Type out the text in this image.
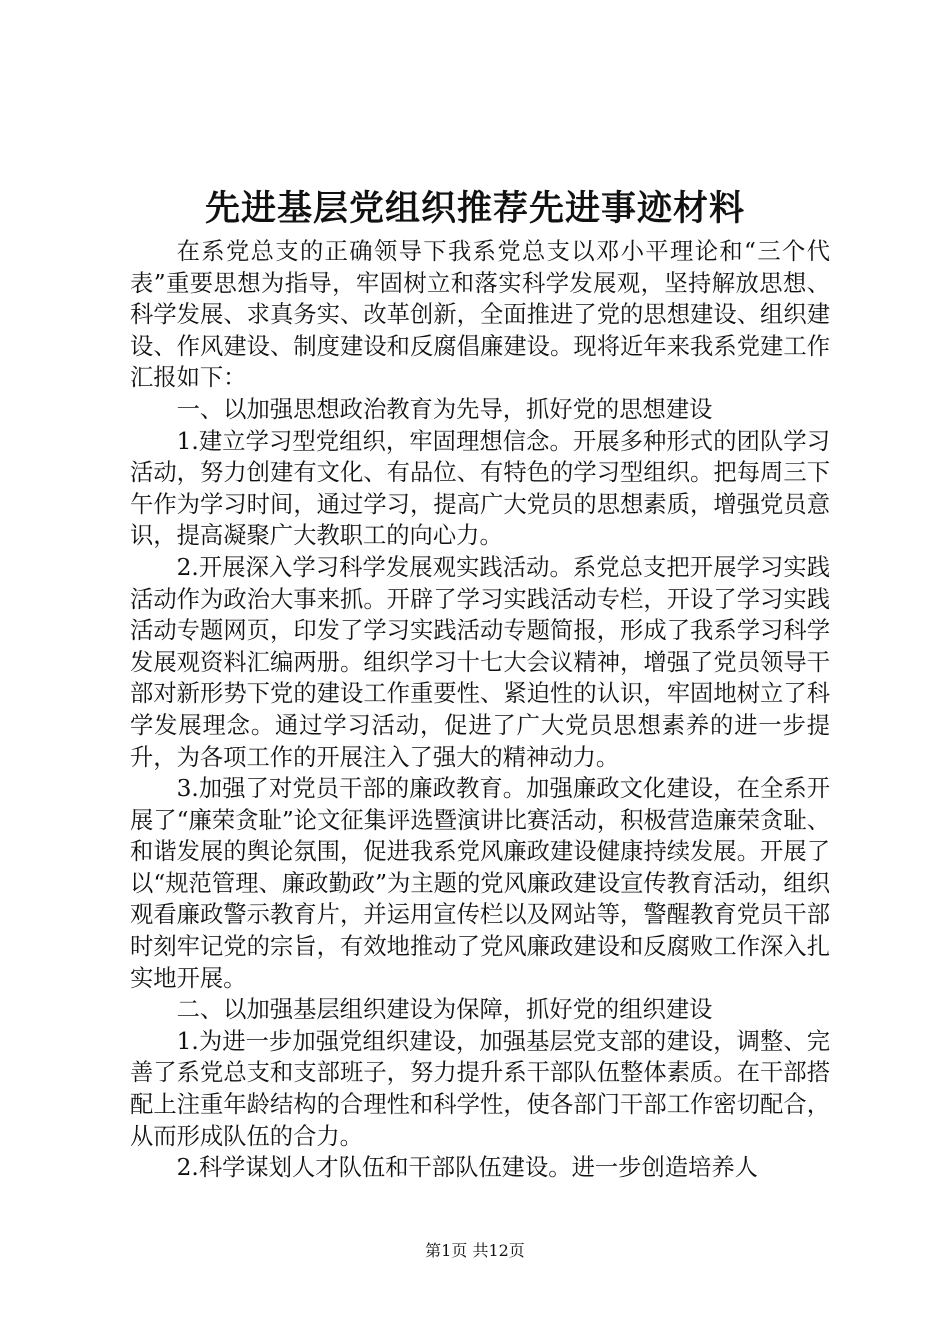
先进基层党组织推荐先进事迹材料

在系党总支的正确领导下我系党总支以邓小平理论和“三个代表”重要思想为指导，牢固树立和落实科学发展观，坚持解放思想、科学发展、求真务实、改革创新，全面推进了党的思想建设、组织建设、作风建设、制度建设和反腐倡廉建设。现将近年来我系党建工作汇报如下：

一、以加强思想政治教育为先导，抓好党的思想建设

1.建立学习型党组织，牢固理想信念。开展多种形式的团队学习活动，努力创建有文化、有品位、有特色的学习型组织。把每周三下午作为学习时间，通过学习，提高广大党员的思想素质，增强党员意识，提高凝聚广大教职工的向心力。

2.开展深入学习科学发展观实践活动。系党总支把开展学习实践活动作为政治大事来抓。开辟了学习实践活动专栏，开设了学习实践活动专题网页，印发了学习实践活动专题简报，形成了我系学习科学发展观资料汇编两册。组织学习十七大会议精神，增强了党员领导干部对新形势下党的建设工作重要性、紧迫性的认识，牢固地树立了科学发展理念。通过学习活动，促进了广大党员思想素养的进一步提升，为各项工作的开展注入了强大的精神动力。

3.加强了对党员干部的廉政教育。加强廉政文化建设，在全系开展了“廉荣贪耻”论文征集评选暨演讲比赛活动，积极营造廉荣贪耻、和谐发展的舆论氛围，促进我系党风廉政建设健康持续发展。开展了以“规范管理、廉政勤政”为主题的党风廉政建设宣传教育活动，组织观看廉政警示教育片，并运用宣传栏以及网站等，警醒教育党员干部时刻牢记党的宗旨，有效地推动了党风廉政建设和反腐败工作深入扎实地开展。

二、以加强基层组织建设为保障，抓好党的组织建设

1.为进一步加强党组织建设，加强基层党支部的建设，调整、完善了系党总支和支部班子，努力提升系干部队伍整体素质。在干部搭配上注重年龄结构的合理性和科学性，使各部门干部工作密切配合，从而形成队伍的合力。

2.科学谋划人才队伍和干部队伍建设。进一步创造培养人

第1页 共12页
